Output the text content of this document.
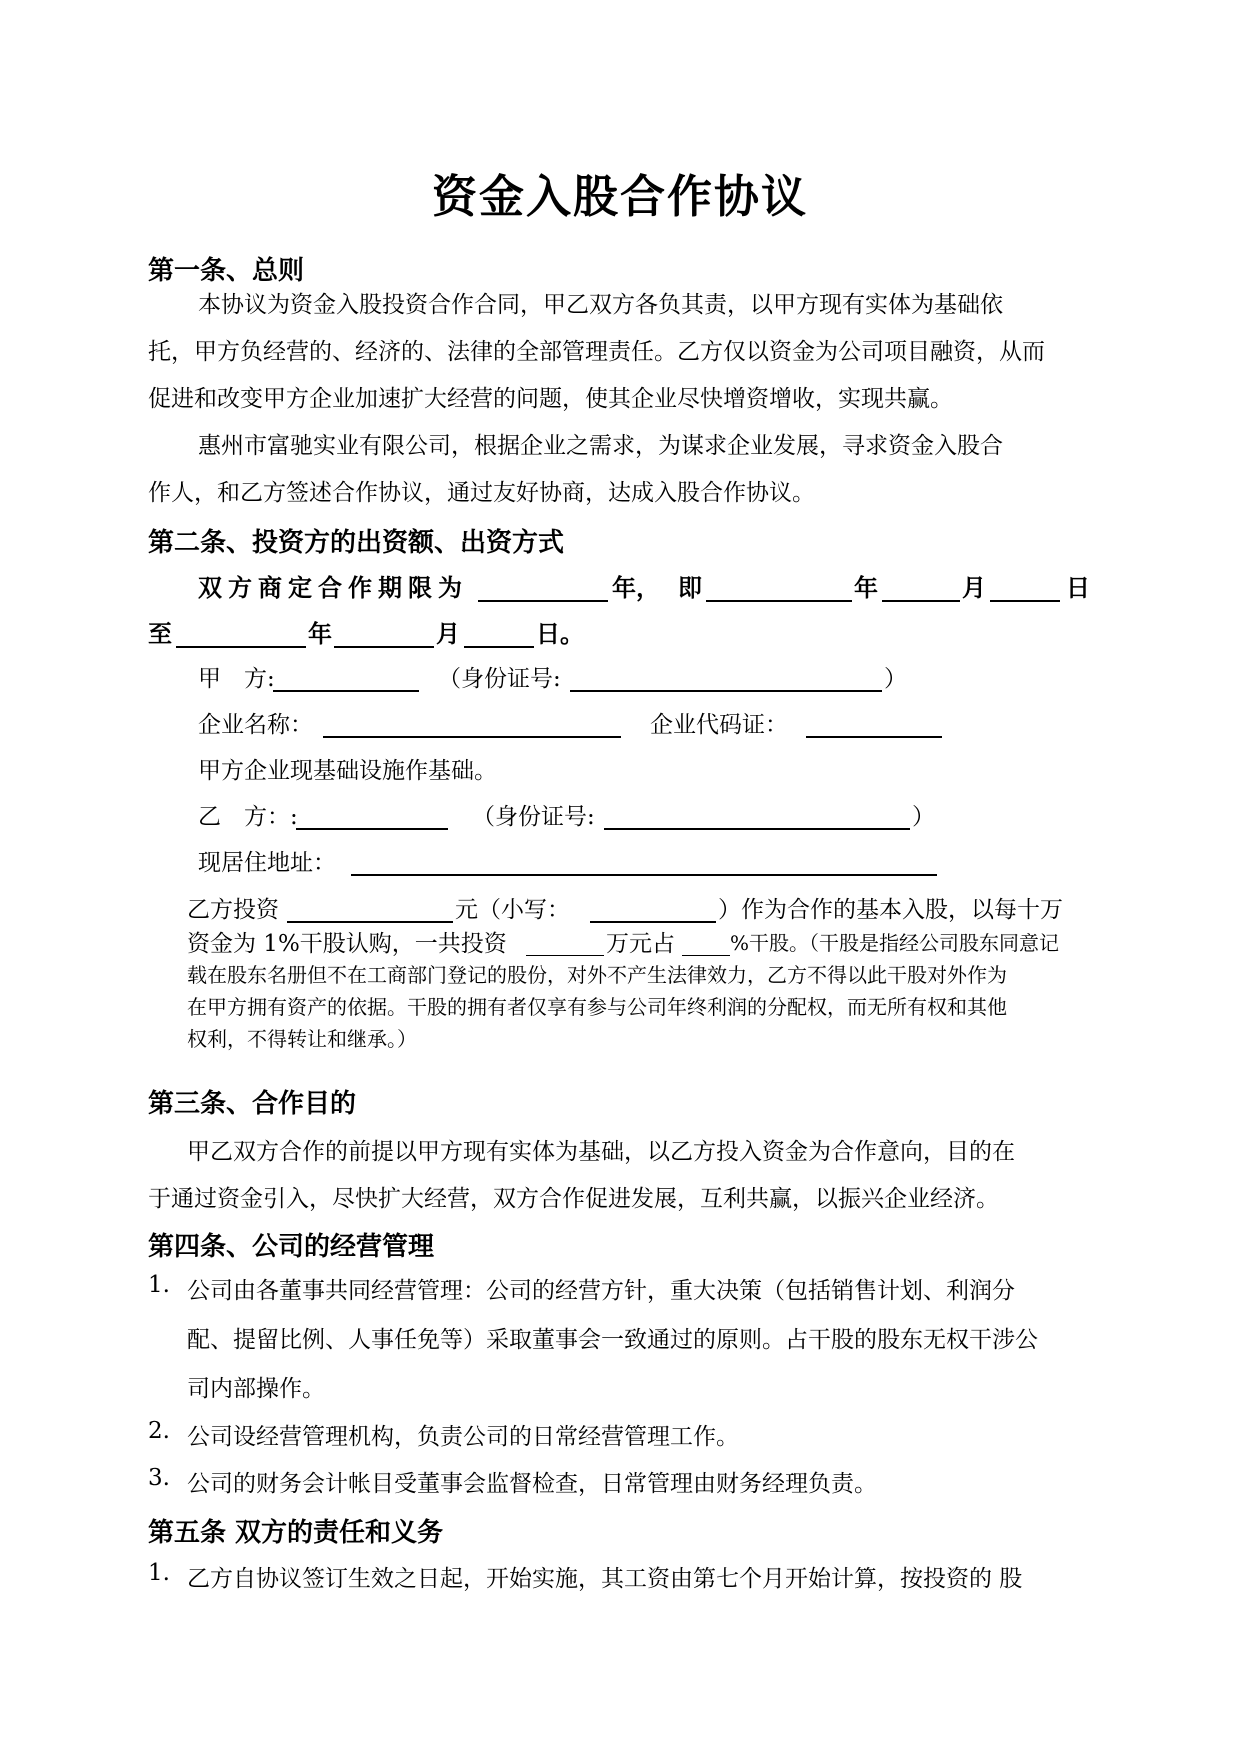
资金入股合作协议
第一条、总则
本协议为资金入股投资合作合同，甲乙双方各负其责，以甲方现有实体为基础依
托，甲方负经营的、经济的、法律的全部管理责任。乙方仅以资金为公司项目融资，从而
促进和改变甲方企业加速扩大经营的问题，使其企业尽快增资增收，实现共赢。
惠州市富驰实业有限公司，根据企业之需求，为谋求企业发展，寻求资金入股合
作人，和乙方签述合作协议，通过友好协商，达成入股合作协议。
第二条、投资方的出资额、出资方式
双方商定合作期限为	年， 即	年	月	日
至	年	月	日。
甲　方:	（身份证号:	）
企业名称：	企业代码证：
甲方企业现基础设施作基础。
乙　方：:	（身份证号:	）
现居住地址：
乙方投资	元（小写：	）作为合作的基本入股，以每十万
资金为 1%干股认购，一共投资	万元占	%干股。（干股是指经公司股东同意记
载在股东名册但不在工商部门登记的股份，对外不产生法律效力，乙方不得以此干股对外作为
在甲方拥有资产的依据。干股的拥有者仅享有参与公司年终利润的分配权，而无所有权和其他
权利，不得转让和继承。）
第三条、合作目的
甲乙双方合作的前提以甲方现有实体为基础，以乙方投入资金为合作意向，目的在
于通过资金引入，尽快扩大经营，双方合作促进发展，互利共赢，以振兴企业经济。
第四条、公司的经营管理
1. 公司由各董事共同经营管理：公司的经营方针，重大决策（包括销售计划、利润分
配、提留比例、人事任免等）采取董事会一致通过的原则。占干股的股东无权干涉公
司内部操作。
2. 公司设经营管理机构，负责公司的日常经营管理工作。
3. 公司的财务会计帐目受董事会监督检查，日常管理由财务经理负责。
第五条 双方的责任和义务
1. 乙方自协议签订生效之日起，开始实施，其工资由第七个月开始计算，按投资的 股
